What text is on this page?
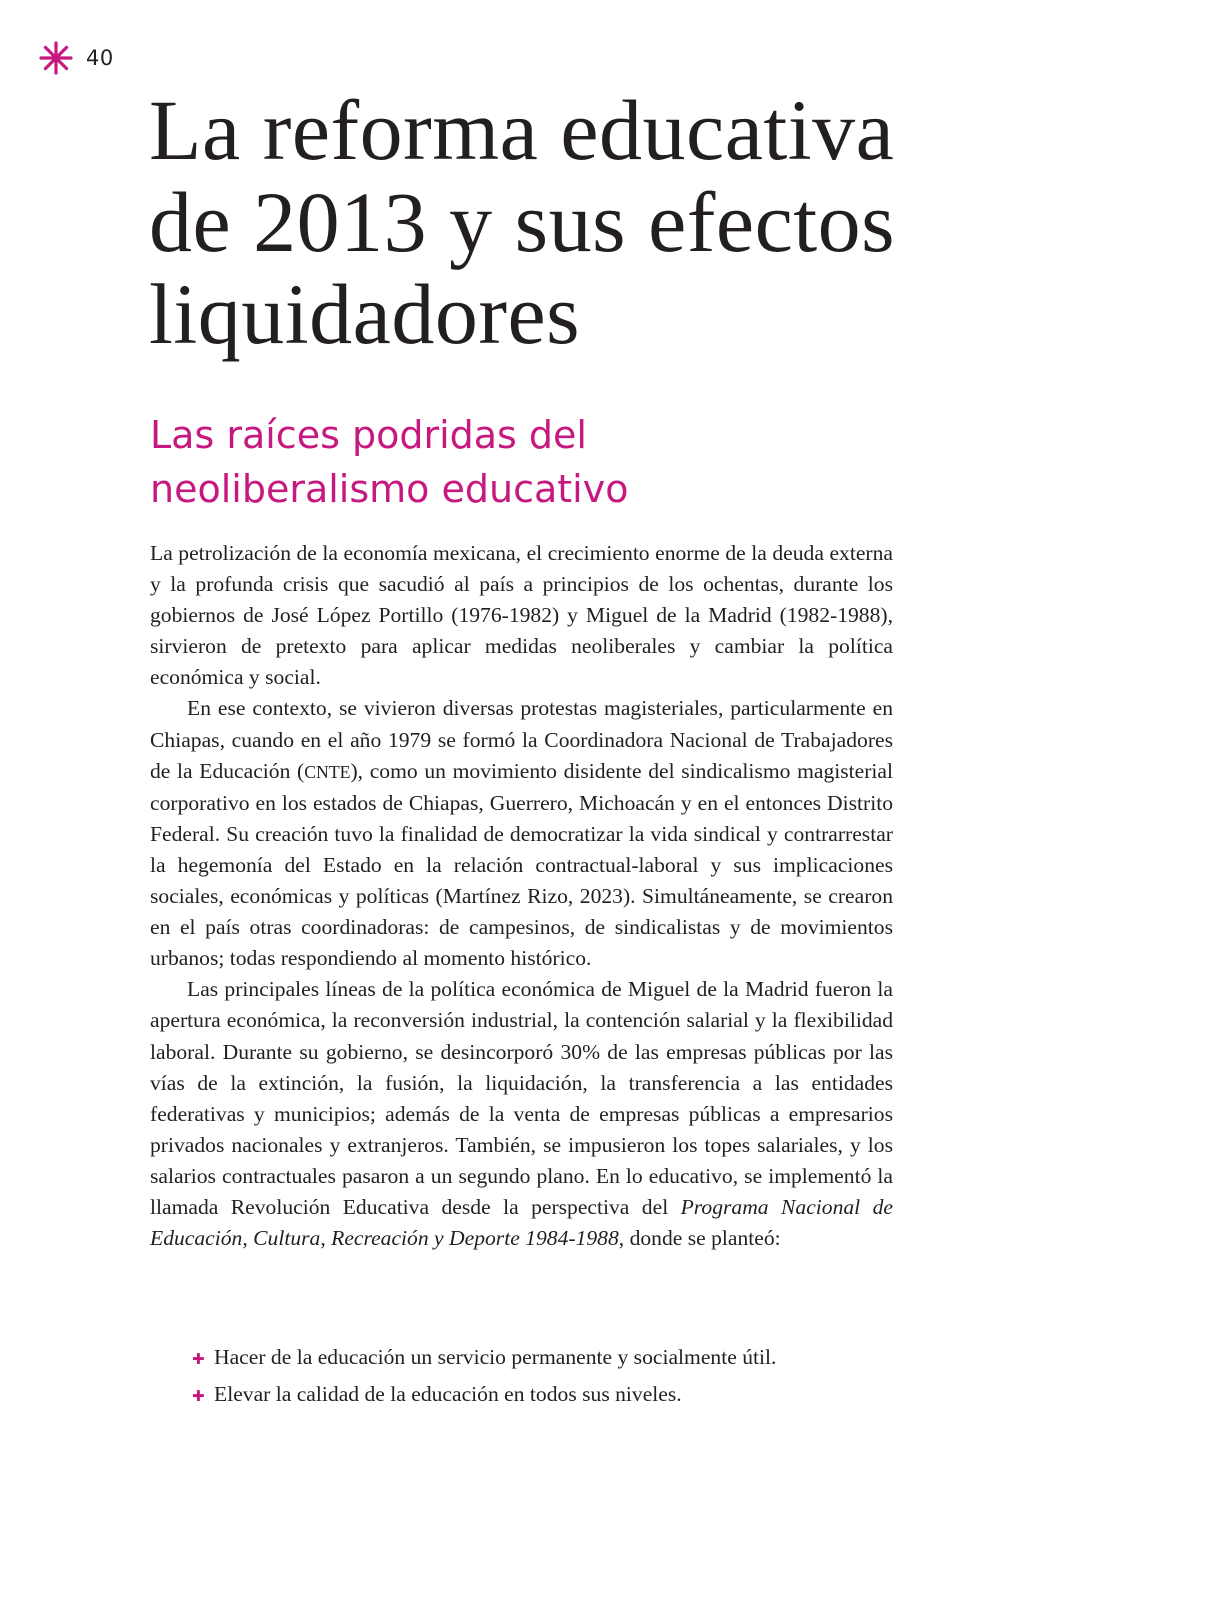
40
La reforma educativa
de 2013 y sus efectos
liquidadores
Las raíces podridas del
neoliberalismo educativo

La petrolización de la economía mexicana, el crecimiento enorme de la deuda externa y la profunda crisis que sacudió al país a principios de los ochentas, durante los gobiernos de José López Portillo (1976-1982) y Miguel de la Madrid (1982-1988), sirvieron de pretexto para aplicar medidas neoliberales y cambiar la política económica y social.

En ese contexto, se vivieron diversas protestas magisteriales, particularmente en Chiapas, cuando en el año 1979 se formó la Coordinadora Nacional de Trabajadores de la Educación (CNTE), como un movimiento disidente del sindicalismo magisterial corporativo en los estados de Chiapas, Guerrero, Michoacán y en el entonces Distrito Federal. Su creación tuvo la finalidad de democratizar la vida sindical y contrarrestar la hegemonía del Estado en la relación contractual-laboral y sus implicaciones sociales, económicas y políticas (Martínez Rizo, 2023). Simultáneamente, se crearon en el país otras coordinadoras: de campesinos, de sindicalistas y de movimientos urbanos; todas respondiendo al momento histórico.

Las principales líneas de la política económica de Miguel de la Madrid fueron la apertura económica, la reconversión industrial, la contención salarial y la flexibilidad laboral. Durante su gobierno, se desincorporó 30% de las empresas públicas por las vías de la extinción, la fusión, la liquidación, la transferencia a las entidades federativas y municipios; además de la venta de empresas públicas a empresarios privados nacionales y extranjeros. También, se impusieron los topes salariales, y los salarios contractuales pasaron a un segundo plano. En lo educativo, se implementó la llamada Revolución Educativa desde la perspectiva del Programa Nacional de Educación, Cultura, Recreación y Deporte 1984-1988, donde se planteó:

✚ Hacer de la educación un servicio permanente y socialmente útil.
✚ Elevar la calidad de la educación en todos sus niveles.
